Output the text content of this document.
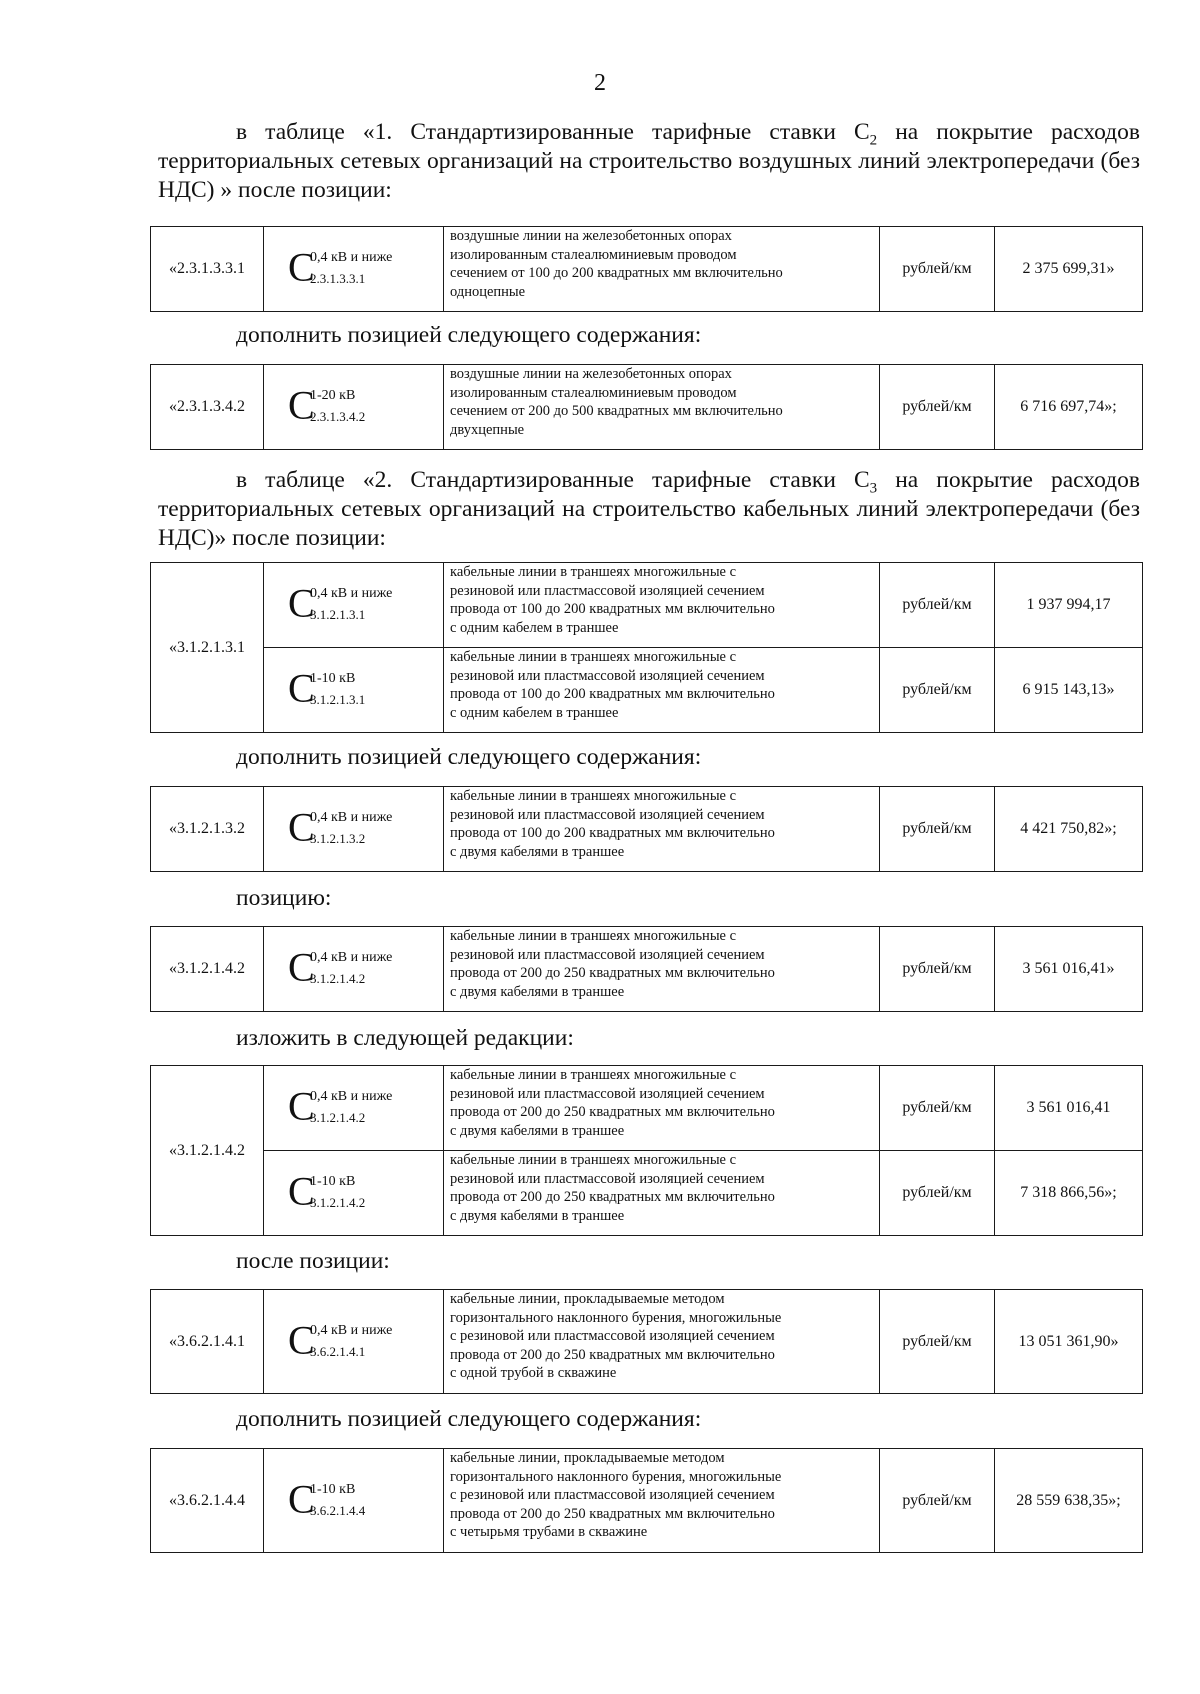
2

в таблице «1. Стандартизированные тарифные ставки $С_2$ на покрытие расходов территориальных сетевых организаций на строительство воздушных линий электропередачи (без НДС) » после позиции:

«2.3.1.3.3.1	C
0,4 кВ и ниже
2.3.1.3.3.1

воздушные линии на железобетонных опорах
изолированным сталеалюминиевым проводом
сечением от 100 до 200 квадратных мм включительно
одноцепные
	рублей/км	2 375 699,31»

дополнить позицией следующего содержания:

«2.3.1.3.4.2	C
1-20 кВ
2.3.1.3.4.2

воздушные линии на железобетонных опорах
изолированным сталеалюминиевым проводом
сечением от 200 до 500 квадратных мм включительно
двухцепные
	рублей/км	6 716 697,74»;

в таблице «2. Стандартизированные тарифные ставки $С_3$ на покрытие расходов территориальных сетевых организаций на строительство кабельных линий электропередачи (без НДС)» после позиции:

«3.1.2.1.3.1	C
0,4 кВ и ниже
3.1.2.1.3.1	кабельные линии в траншеях многожильные с
резиновой или пластмассовой изоляцией сечением
провода от 100 до 200 квадратных мм включительно
с одним кабелем в траншее	рублей/км	1 937 994,17

	C
1-10 кВ
3.1.2.1.3.1	кабельные линии в траншеях многожильные с
резиновой или пластмассовой изоляцией сечением
провода от 100 до 200 квадратных мм включительно
с одним кабелем в траншее	рублей/км	6 915 143,13»

дополнить позицией следующего содержания:

«3.1.2.1.3.2	C
0,4 кВ и ниже
3.1.2.1.3.2

кабельные линии в траншеях многожильные с
резиновой или пластмассовой изоляцией сечением
провода от 100 до 200 квадратных мм включительно
с двумя кабелями в траншее
	рублей/км	4 421 750,82»;

позицию:

«3.1.2.1.4.2	C
0,4 кВ и ниже
3.1.2.1.4.2

кабельные линии в траншеях многожильные с
резиновой или пластмассовой изоляцией сечением
провода от 200 до 250 квадратных мм включительно
с двумя кабелями в траншее
	рублей/км	3 561 016,41»

изложить в следующей редакции:

«3.1.2.1.4.2	C
0,4 кВ и ниже
3.1.2.1.4.2	кабельные линии в траншеях многожильные с
резиновой или пластмассовой изоляцией сечением
провода от 200 до 250 квадратных мм включительно
с двумя кабелями в траншее	рублей/км	3 561 016,41

	C
1-10 кВ
3.1.2.1.4.2	кабельные линии в траншеях многожильные с
резиновой или пластмассовой изоляцией сечением
провода от 200 до 250 квадратных мм включительно
с двумя кабелями в траншее	рублей/км	7 318 866,56»;

после позиции:

«3.6.2.1.4.1	C
0,4 кВ и ниже
3.6.2.1.4.1

кабельные линии, прокладываемые методом
горизонтального наклонного бурения, многожильные
с резиновой или пластмассовой изоляцией сечением
провода от 200 до 250 квадратных мм включительно
с одной трубой в скважине
	рублей/км	13 051 361,90»

дополнить позицией следующего содержания:

«3.6.2.1.4.4	C
1-10 кВ
3.6.2.1.4.4

кабельные линии, прокладываемые методом
горизонтального наклонного бурения, многожильные
с резиновой или пластмассовой изоляцией сечением
провода от 200 до 250 квадратных мм включительно
с четырьмя трубами в скважине
	рублей/км	28 559 638,35»;
